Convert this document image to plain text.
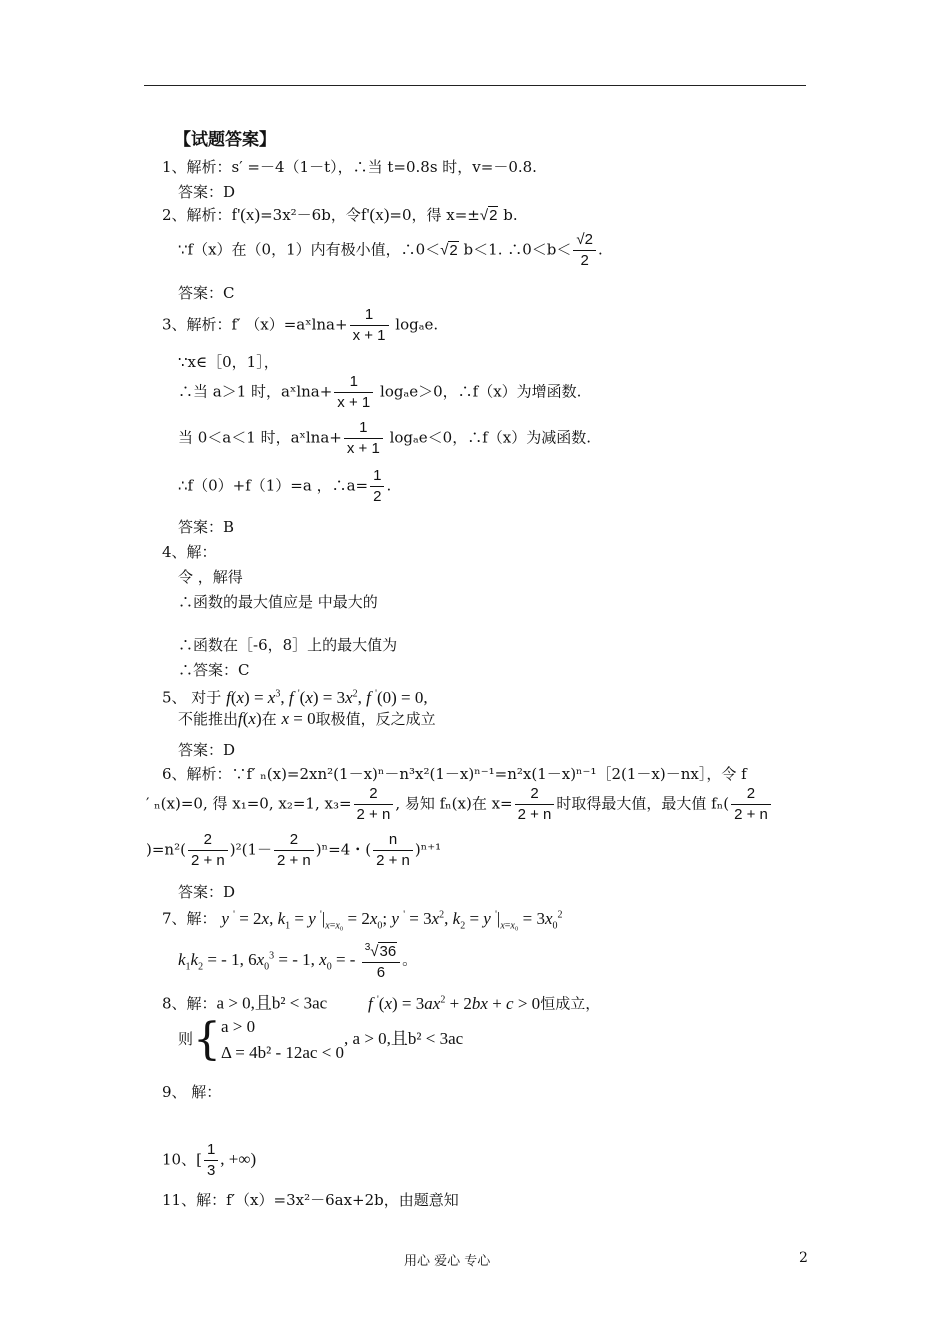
【试题答案】
1、解析：s′ =－4（1－t），∴当 t=0.8s 时，v=－0.8.
答案：D
2、解析：f'(x)=3x²－6b，令f'(x)=0，得 x=±√2 b.
∵f（x）在（0，1）内有极小值，∴0＜√2 b＜1. ∴0＜b＜ $\frac{√2}{2}$ .
答案：C
3、解析：f′ （x）=aˣlna+ $\frac{1}{x + 1} \log_ae$.
∵x∈［0，1］，
∴当 a＞1 时，aˣlna+ $\frac{1}{x + 1} \log_ae>0$，∴f（x）为增函数.
当 0＜a＜1 时，aˣlna+ $\frac{1}{x + 1} \log_ae<0$，∴f（x）为减函数.
∴f（0）+f（1）=a ，∴a= $\frac{1}{2}$ .
答案：B
4、解：
令 ，解得
∴函数的最大值应是 中最大的
∴函数在［-6，8］上的最大值为
∴答案：C
5、 对于 $f(x) = x^3$, f $'(x) = 3x^2$, f '(0) = 0,
不能推出f(x)在 x = 0取极值，反之成立
答案：D
6、解析：∵f′ ₙ(x)=2xn²(1－x)ⁿ－n³x²(1－x)ⁿ⁻¹=n²x(1－x)ⁿ⁻¹［2(1－x)－nx］，令 f
′ ₙ(x)=0, 得 x₁=0, x₂=1, $x_3= \frac{2}{2 + n}$ , 易知 fₙ(x)在 $x= \frac{2}{2 + n}$ 时取得最大值，最大值 $f_n( \frac{2}{2 + n}$
)$=n^2( \frac{2}{2 + n} )^2(1- \frac{2}{2 + n} )^n=4$・( $\frac{n}{2 + n} )^{n+1}$
答案：D
7、解： y ' = 2x, $k_1 = y$ $'|_{x=x_0} = 2x_0$; y $' = 3x^2$, $k_2 = y$ $'|_{x=x_0} = 3x_0^2$
$k_1k_2$ = - 1, $6x_0^3$ = - 1, $x_0$ = - $\frac{^3√36}{6}$ 。
8、解：a > 0,且b² < 3ac f $'(x) = 3ax^2 + 2bx + c > 0$恒成立，
则{ a > 0
Δ = 4b² - 12ac < 0
, a > 0,且b² < 3ac
9、 解：
10、[ $\frac{1}{3}$ , +∞)
11、解：f′（x）=3x²－6ax+2b，由题意知
用心 爱心 专心	2
